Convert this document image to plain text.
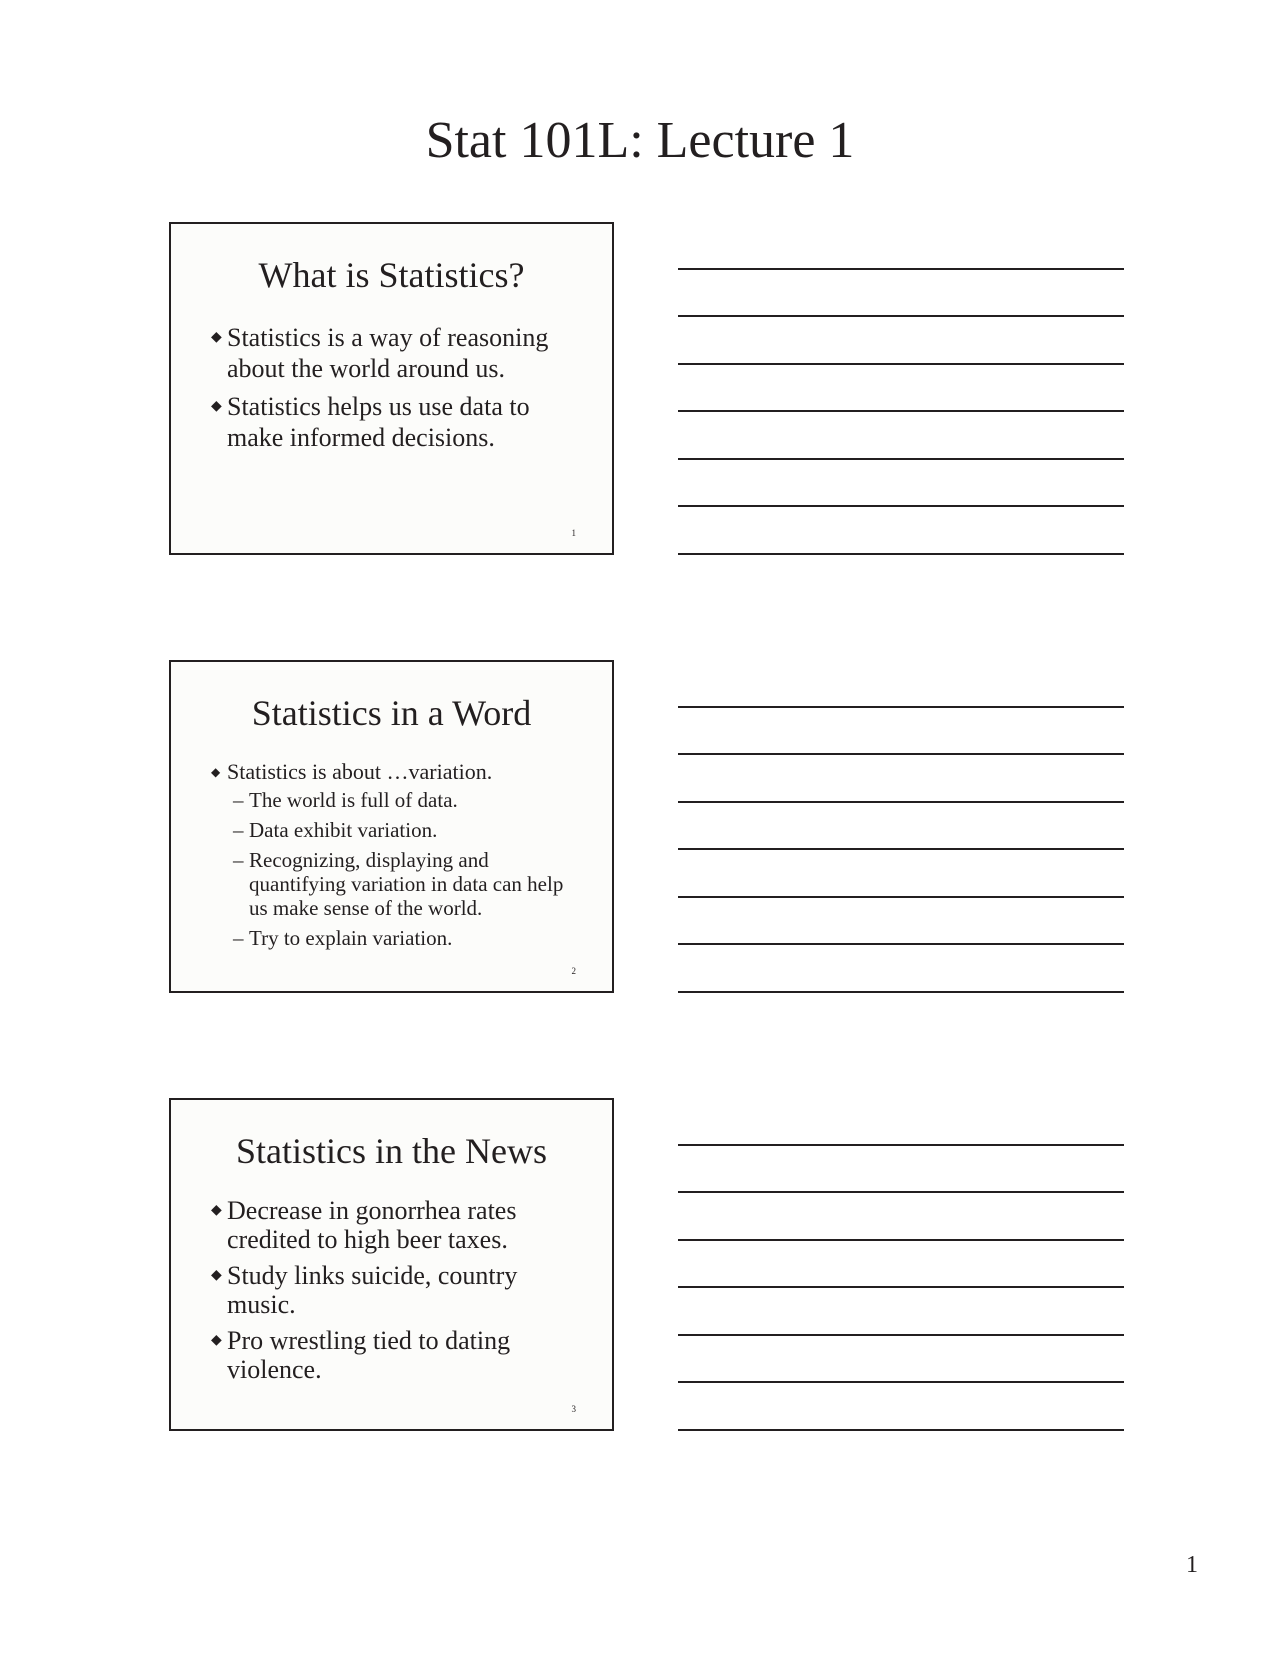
Stat 101L: Lecture 1
What is Statistics?
◆ Statistics is a way of reasoning about the world around us.
◆ Statistics helps us use data to make informed decisions.
1
Statistics in a Word
◆ Statistics is about …variation.
– The world is full of data.
– Data exhibit variation.
– Recognizing, displaying and quantifying variation in data can help us make sense of the world.
– Try to explain variation.
2
Statistics in the News
◆ Decrease in gonorrhea rates credited to high beer taxes.
◆ Study links suicide, country music.
◆ Pro wrestling tied to dating violence.
3
1
